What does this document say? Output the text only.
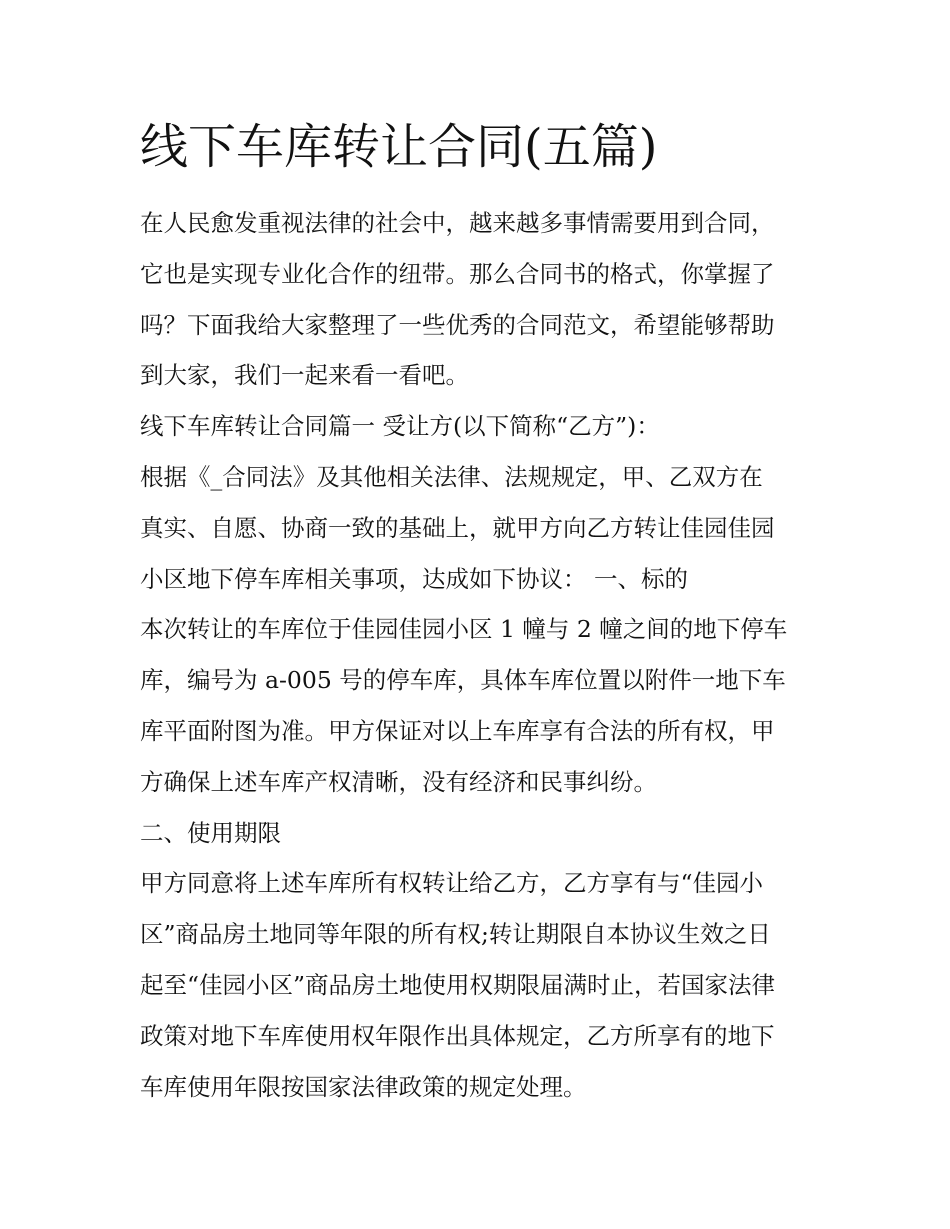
线下车库转让合同(五篇)
在人民愈发重视法律的社会中，越来越多事情需要用到合同，
它也是实现专业化合作的纽带。那么合同书的格式，你掌握了
吗？下面我给大家整理了一些优秀的合同范文，希望能够帮助
到大家，我们一起来看一看吧。
线下车库转让合同篇一 受让方(以下简称“乙方”)：
根据《_合同法》及其他相关法律、法规规定，甲、乙双方在
真实、自愿、协商一致的基础上，就甲方向乙方转让佳园佳园
小区地下停车库相关事项，达成如下协议： 一、标的
本次转让的车库位于佳园佳园小区 1 幢与 2 幢之间的地下停车
库，编号为 a-005 号的停车库，具体车库位置以附件一地下车
库平面附图为准。甲方保证对以上车库享有合法的所有权，甲
方确保上述车库产权清晰，没有经济和民事纠纷。
二、使用期限
甲方同意将上述车库所有权转让给乙方，乙方享有与“佳园小
区”商品房土地同等年限的所有权;转让期限自本协议生效之日
起至“佳园小区”商品房土地使用权期限届满时止，若国家法律
政策对地下车库使用权年限作出具体规定，乙方所享有的地下
车库使用年限按国家法律政策的规定处理。
